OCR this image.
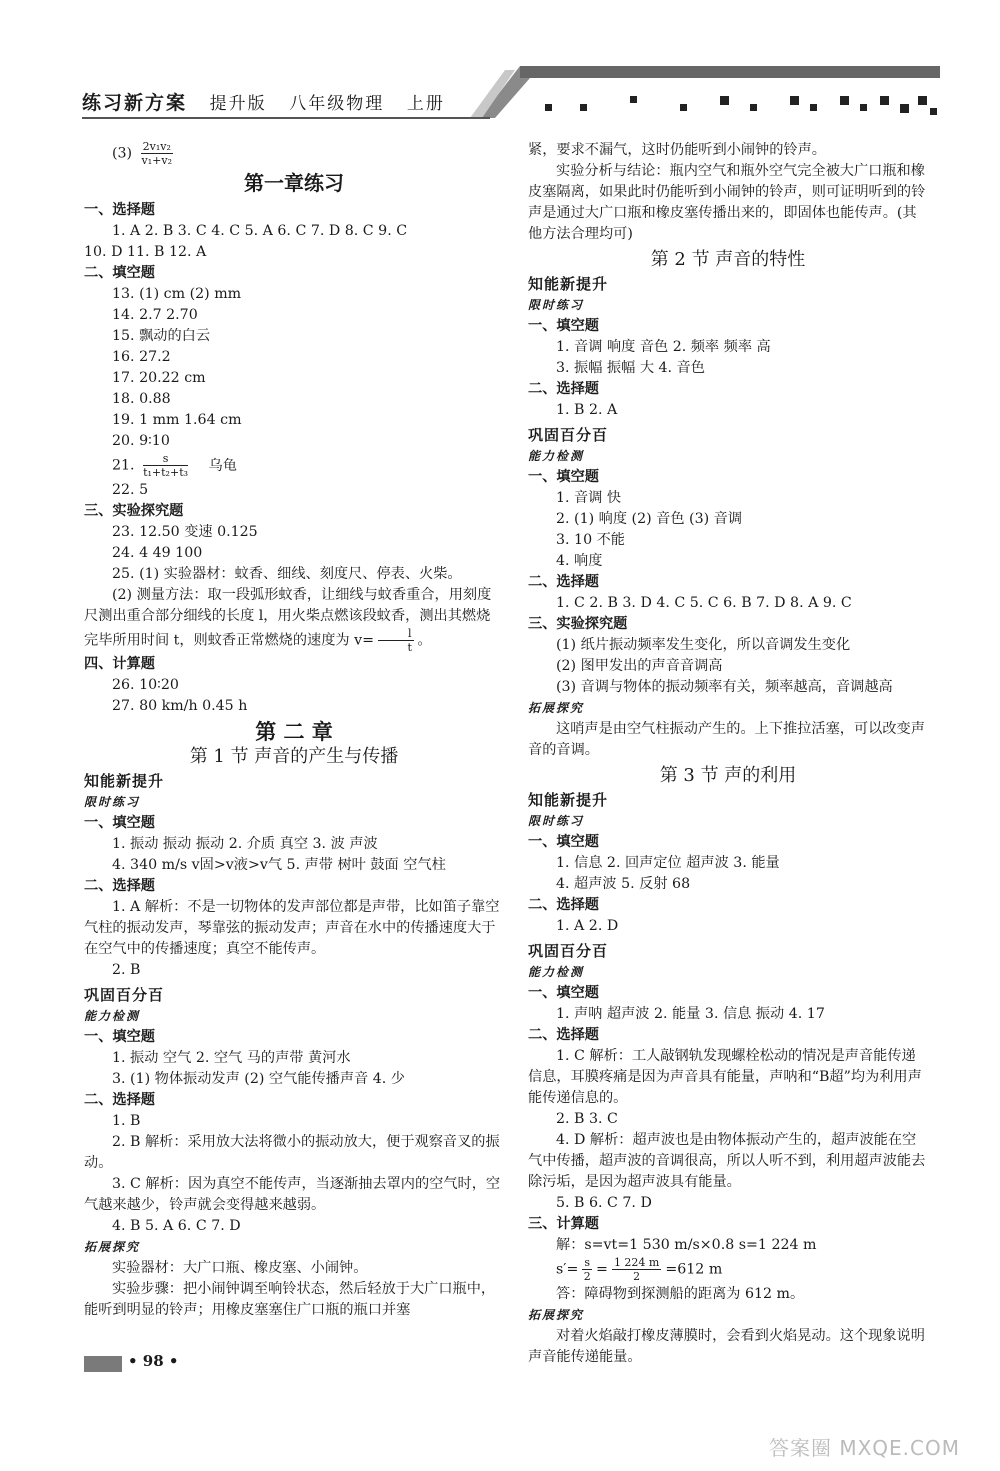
练习新方案 提升版 八年级物理 上册
$(3) \frac{\text{2v₁v₂}}{\text{v₁+v₂}}$
第一章练习
一、选择题
1. A 2. B 3. C 4. C 5. A 6. C 7. D 8. C 9. C
10. D 11. B 12. A
二、填空题
13. (1) cm (2) mm
14. 2.7 2.70
15. 飘动的白云
16. 27.2
17. 20.22 cm
18. 0.88
19. 1 mm 1.64 cm
20. 9∶10
21. $\frac{s}{\text{t₁+t₂+t₃}}$ 乌龟
22. 5
三、实验探究题
23. 12.50 变速 0.125
24. 4 49 100
25. (1) 实验器材：蚊香、细线、刻度尺、停表、火柴。
(2) 测量方法：取一段弧形蚊香，让细线与蚊香重合，用刻度尺测出重合部分细线的长度 l，用火柴点燃该段蚊香，测出其燃烧完毕所用时间 t，则蚊香正常燃烧的速度为 $v= \frac{l}{t}$ 。
四、计算题
26. 10∶20
27. 80 km/h 0.45 h
第 二 章
第 1 节 声音的产生与传播
知能新提升
限时练习
一、填空题
1. 振动 振动 振动 2. 介质 真空 3. 波 声波
4. 340 m/s v固>v液>v气 5. 声带 树叶 鼓面 空气柱
二、选择题
1. A 解析：不是一切物体的发声部位都是声带，比如笛子靠空气柱的振动发声，琴靠弦的振动发声；声音在水中的传播速度大于在空气中的传播速度；真空不能传声。
2. B
巩固百分百
能力检测
一、填空题
1. 振动 空气 2. 空气 马的声带 黄河水
3. (1) 物体振动发声 (2) 空气能传播声音 4. 少
二、选择题
1. B
2. B 解析：采用放大法将微小的振动放大，便于观察音叉的振动。
3. C 解析：因为真空不能传声，当逐渐抽去罩内的空气时，空气越来越少，铃声就会变得越来越弱。
4. B 5. A 6. C 7. D
拓展探究
实验器材：大广口瓶、橡皮塞、小闹钟。
实验步骤：把小闹钟调至响铃状态，然后轻放于大广口瓶中，能听到明显的铃声；用橡皮塞塞住广口瓶的瓶口并塞
紧，要求不漏气，这时仍能听到小闹钟的铃声。
实验分析与结论：瓶内空气和瓶外空气完全被大广口瓶和橡皮塞隔离，如果此时仍能听到小闹钟的铃声，则可证明听到的铃声是通过大广口瓶和橡皮塞传播出来的，即固体也能传声。(其他方法合理均可)
第 2 节 声音的特性
知能新提升
限时练习
一、填空题
1. 音调 响度 音色 2. 频率 频率 高
3. 振幅 振幅 大 4. 音色
二、选择题
1. B 2. A
巩固百分百
能力检测
一、填空题
1. 音调 快
2. (1) 响度 (2) 音色 (3) 音调
3. 10 不能
4. 响度
二、选择题
1. C 2. B 3. D 4. C 5. C 6. B 7. D 8. A 9. C
三、实验探究题
(1) 纸片振动频率发生变化，所以音调发生变化
(2) 图甲发出的声音音调高
(3) 音调与物体的振动频率有关，频率越高，音调越高
拓展探究
这哨声是由空气柱振动产生的。上下推拉活塞，可以改变声音的音调。
第 3 节 声的利用
知能新提升
限时练习
一、填空题
1. 信息 2. 回声定位 超声波 3. 能量
4. 超声波 5. 反射 68
二、选择题
1. A 2. D
巩固百分百
能力检测
一、填空题
1. 声呐 超声波 2. 能量 3. 信息 振动 4. 17
二、选择题
1. C 解析：工人敲钢轨发现螺栓松动的情况是声音能传递信息，耳膜疼痛是因为声音具有能量，声呐和“B超”均为利用声能传递信息的。
2. B 3. C
4. D 解析：超声波也是由物体振动产生的，超声波能在空气中传播，超声波的音调很高，所以人听不到，利用超声波能去除污垢，是因为超声波具有能量。
5. B 6. C 7. D
三、计算题
解：s=vt=1 530 m/s×0.8 s=1 224 m
$s'= \frac{s}{2} = \frac{1 224 m}{2} =612$ m
答：障碍物到探测船的距离为 612 m。
拓展探究
对着火焰敲打橡皮薄膜时，会看到火焰晃动。这个现象说明声音能传递能量。
• 98 •
答案圈 MXQE.COM
